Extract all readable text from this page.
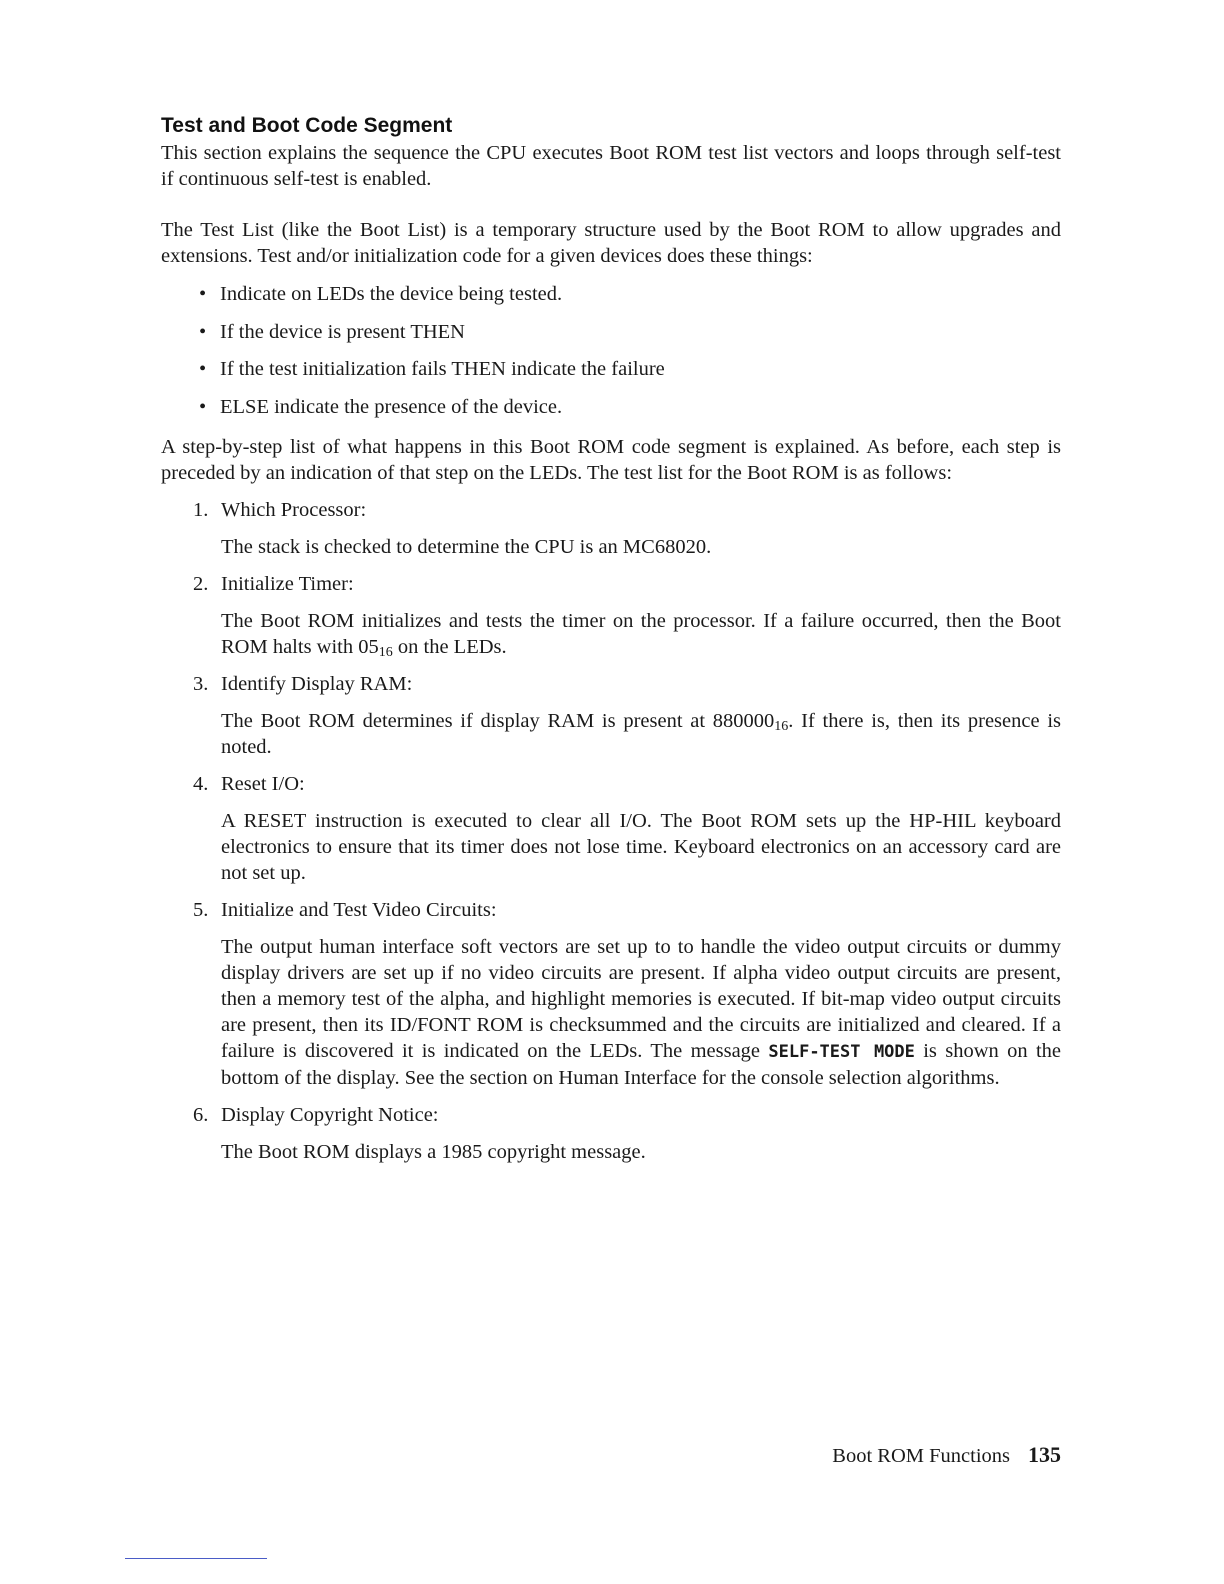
Test and Boot Code Segment

This section explains the sequence the CPU executes Boot ROM test list vectors and loops through self-test if continuous self-test is enabled.

The Test List (like the Boot List) is a temporary structure used by the Boot ROM to allow upgrades and extensions. Test and/or initialization code for a given devices does these things:

• Indicate on LEDs the device being tested.
• If the device is present THEN
• If the test initialization fails THEN indicate the failure
• ELSE indicate the presence of the device.

A step-by-step list of what happens in this Boot ROM code segment is explained. As before, each step is preceded by an indication of that step on the LEDs. The test list for the Boot ROM is as follows:

1. Which Processor:

The stack is checked to determine the CPU is an MC68020.

2. Initialize Timer:

The Boot ROM initializes and tests the timer on the processor. If a failure occurred, then the Boot ROM halts with $05_{16}$ on the LEDs.

3. Identify Display RAM:

The Boot ROM determines if display RAM is present at $880000_{16}$. If there is, then its presence is noted.

4. Reset I/O:

A RESET instruction is executed to clear all I/O. The Boot ROM sets up the HP-HIL keyboard electronics to ensure that its timer does not lose time. Keyboard electronics on an accessory card are not set up.

5. Initialize and Test Video Circuits:

The output human interface soft vectors are set up to to handle the video output circuits or dummy display drivers are set up if no video circuits are present. If alpha video output circuits are present, then a memory test of the alpha, and highlight memories is executed. If bit-map video output circuits are present, then its ID/FONT ROM is checksummed and the circuits are initialized and cleared. If a failure is discovered it is indicated on the LEDs. The message SELF-TEST MODE is shown on the bottom of the display. See the section on Human Interface for the console selection algorithms.

6. Display Copyright Notice:

The Boot ROM displays a 1985 copyright message.

Boot ROM Functions 135
